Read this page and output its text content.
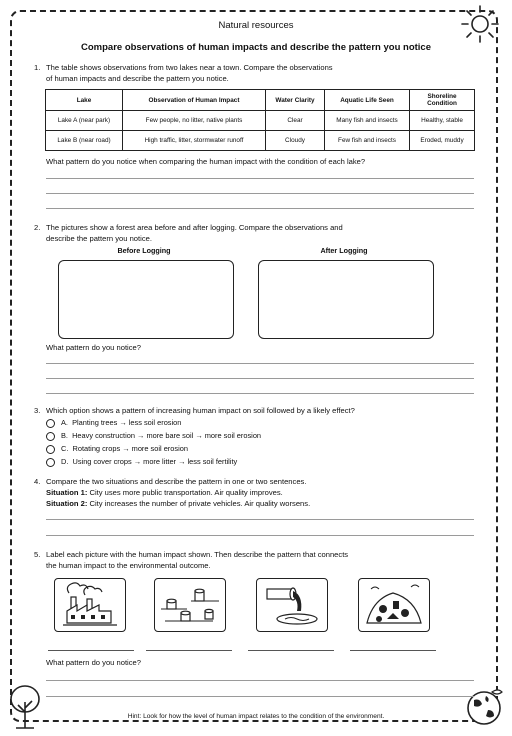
Natural resources
Compare observations of human impacts and describe the pattern you notice
1. The table shows observations from two lakes near a town. Compare the observations
of human impacts and describe the pattern you notice.
Lake	Observation of Human Impact	Water Clarity	Aquatic Life Seen	Shoreline Condition
Lake A (near park)	Few people, no litter, native plants	Clear	Many fish and insects	Healthy, stable
Lake B (near road)	High traffic, litter, stormwater runoff	Cloudy	Few fish and insects	Eroded, muddy
What pattern do you notice when comparing the human impact with the condition of each lake?
2. The pictures show a forest area before and after logging. Compare the observations and
describe the pattern you notice.
Before Logging	After Logging
What pattern do you notice?
3. Which option shows a pattern of increasing human impact on soil followed by a likely effect?
A. Planting trees → less soil erosion
B. Heavy construction → more bare soil → more soil erosion
C. Rotating crops → more soil erosion
D. Using cover crops → more litter → less soil fertility
4. Compare the two situations and describe the pattern in one or two sentences.
Situation 1: City uses more public transportation. Air quality improves.
Situation 2: City increases the number of private vehicles. Air quality worsens.
5. Label each picture with the human impact shown. Then describe the pattern that connects
the human impact to the environmental outcome.
What pattern do you notice?
Hint: Look for how the level of human impact relates to the condition of the environment.
